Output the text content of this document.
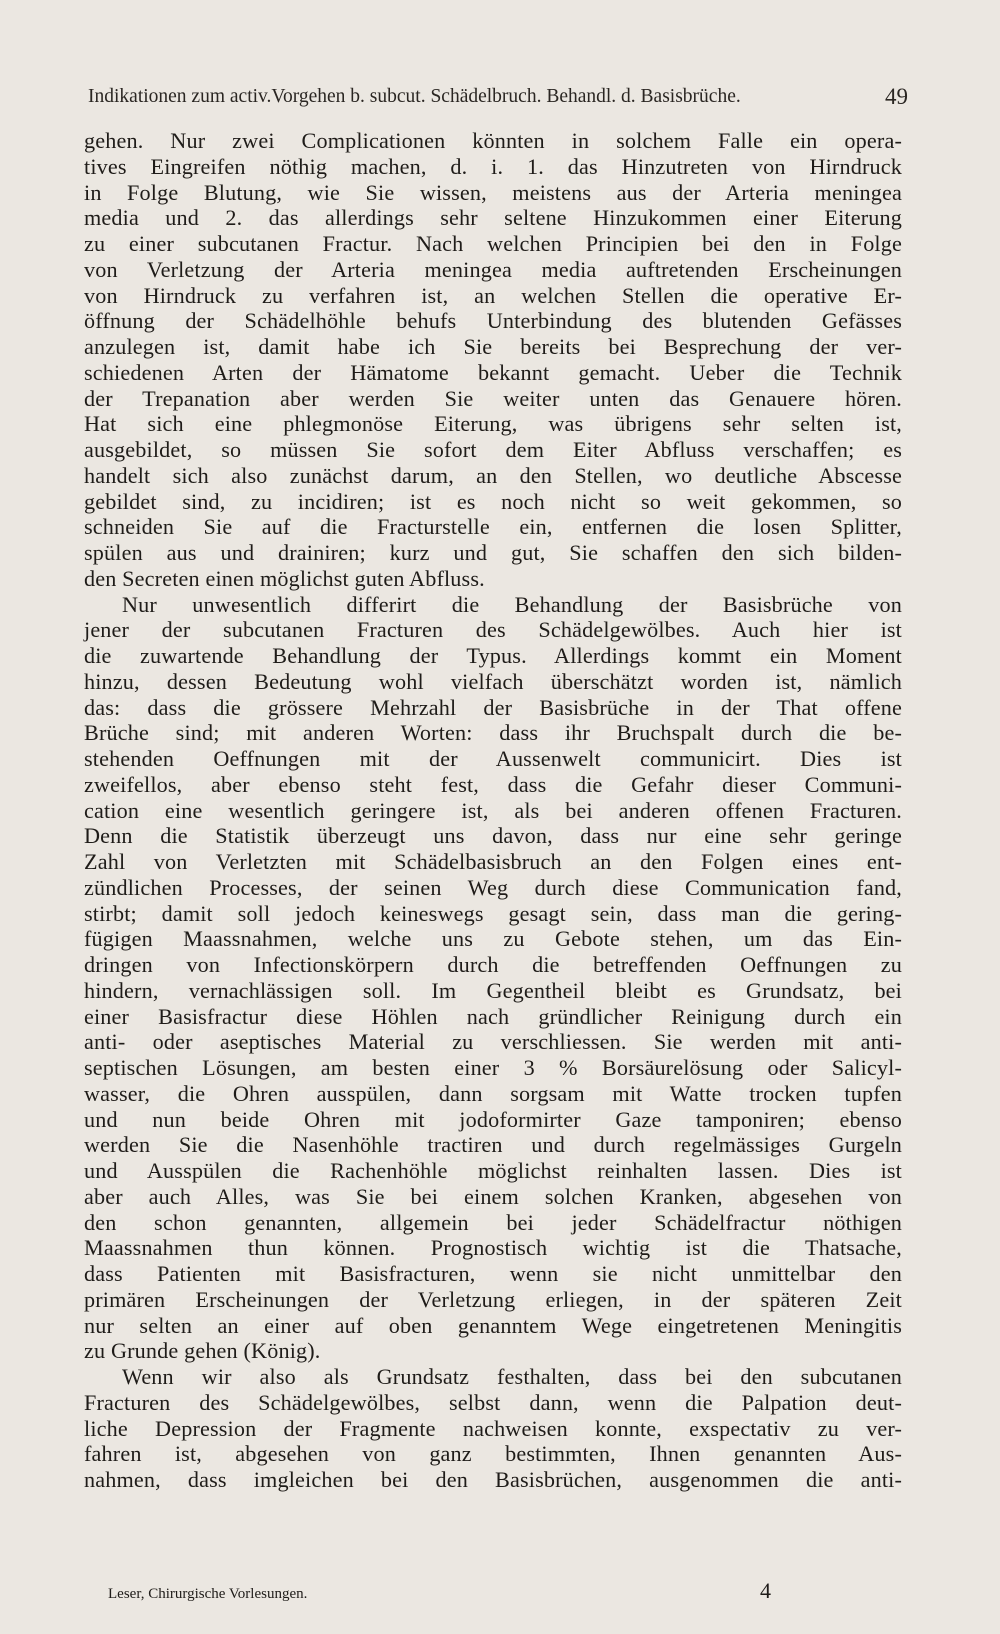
Indikationen zum activ.Vorgehen b. subcut. Schädelbruch. Behandl. d. Basisbrüche.	49
gehen. Nur zwei Complicationen könnten in solchem Falle ein opera-
tives Eingreifen nöthig machen, d. i. 1. das Hinzutreten von Hirndruck
in Folge Blutung, wie Sie wissen, meistens aus der Arteria meningea
media und 2. das allerdings sehr seltene Hinzukommen einer Eiterung
zu einer subcutanen Fractur. Nach welchen Principien bei den in Folge
von Verletzung der Arteria meningea media auftretenden Erscheinungen
von Hirndruck zu verfahren ist, an welchen Stellen die operative Er-
öffnung der Schädelhöhle behufs Unterbindung des blutenden Gefässes
anzulegen ist, damit habe ich Sie bereits bei Besprechung der ver-
schiedenen Arten der Hämatome bekannt gemacht. Ueber die Technik
der Trepanation aber werden Sie weiter unten das Genauere hören.
Hat sich eine phlegmonöse Eiterung, was übrigens sehr selten ist,
ausgebildet, so müssen Sie sofort dem Eiter Abfluss verschaffen; es
handelt sich also zunächst darum, an den Stellen, wo deutliche Abscesse
gebildet sind, zu incidiren; ist es noch nicht so weit gekommen, so
schneiden Sie auf die Fracturstelle ein, entfernen die losen Splitter,
spülen aus und drainiren; kurz und gut, Sie schaffen den sich bilden-
den Secreten einen möglichst guten Abfluss.
Nur unwesentlich differirt die Behandlung der Basisbrüche von
jener der subcutanen Fracturen des Schädelgewölbes. Auch hier ist
die zuwartende Behandlung der Typus. Allerdings kommt ein Moment
hinzu, dessen Bedeutung wohl vielfach überschätzt worden ist, nämlich
das: dass die grössere Mehrzahl der Basisbrüche in der That offene
Brüche sind; mit anderen Worten: dass ihr Bruchspalt durch die be-
stehenden Oeffnungen mit der Aussenwelt communicirt. Dies ist
zweifellos, aber ebenso steht fest, dass die Gefahr dieser Communi-
cation eine wesentlich geringere ist, als bei anderen offenen Fracturen.
Denn die Statistik überzeugt uns davon, dass nur eine sehr geringe
Zahl von Verletzten mit Schädelbasisbruch an den Folgen eines ent-
zündlichen Processes, der seinen Weg durch diese Communication fand,
stirbt; damit soll jedoch keineswegs gesagt sein, dass man die gering-
fügigen Maassnahmen, welche uns zu Gebote stehen, um das Ein-
dringen von Infectionskörpern durch die betreffenden Oeffnungen zu
hindern, vernachlässigen soll. Im Gegentheil bleibt es Grundsatz, bei
einer Basisfractur diese Höhlen nach gründlicher Reinigung durch ein
anti- oder aseptisches Material zu verschliessen. Sie werden mit anti-
septischen Lösungen, am besten einer 3 % Borsäurelösung oder Salicyl-
wasser, die Ohren ausspülen, dann sorgsam mit Watte trocken tupfen
und nun beide Ohren mit jodoformirter Gaze tamponiren; ebenso
werden Sie die Nasenhöhle tractiren und durch regelmässiges Gurgeln
und Ausspülen die Rachenhöhle möglichst reinhalten lassen. Dies ist
aber auch Alles, was Sie bei einem solchen Kranken, abgesehen von
den schon genannten, allgemein bei jeder Schädelfractur nöthigen
Maassnahmen thun können. Prognostisch wichtig ist die Thatsache,
dass Patienten mit Basisfracturen, wenn sie nicht unmittelbar den
primären Erscheinungen der Verletzung erliegen, in der späteren Zeit
nur selten an einer auf oben genanntem Wege eingetretenen Meningitis
zu Grunde gehen (König).
Wenn wir also als Grundsatz festhalten, dass bei den subcutanen
Fracturen des Schädelgewölbes, selbst dann, wenn die Palpation deut-
liche Depression der Fragmente nachweisen konnte, exspectativ zu ver-
fahren ist, abgesehen von ganz bestimmten, Ihnen genannten Aus-
nahmen, dass imgleichen bei den Basisbrüchen, ausgenommen die anti-
Leser, Chirurgische Vorlesungen.	4
